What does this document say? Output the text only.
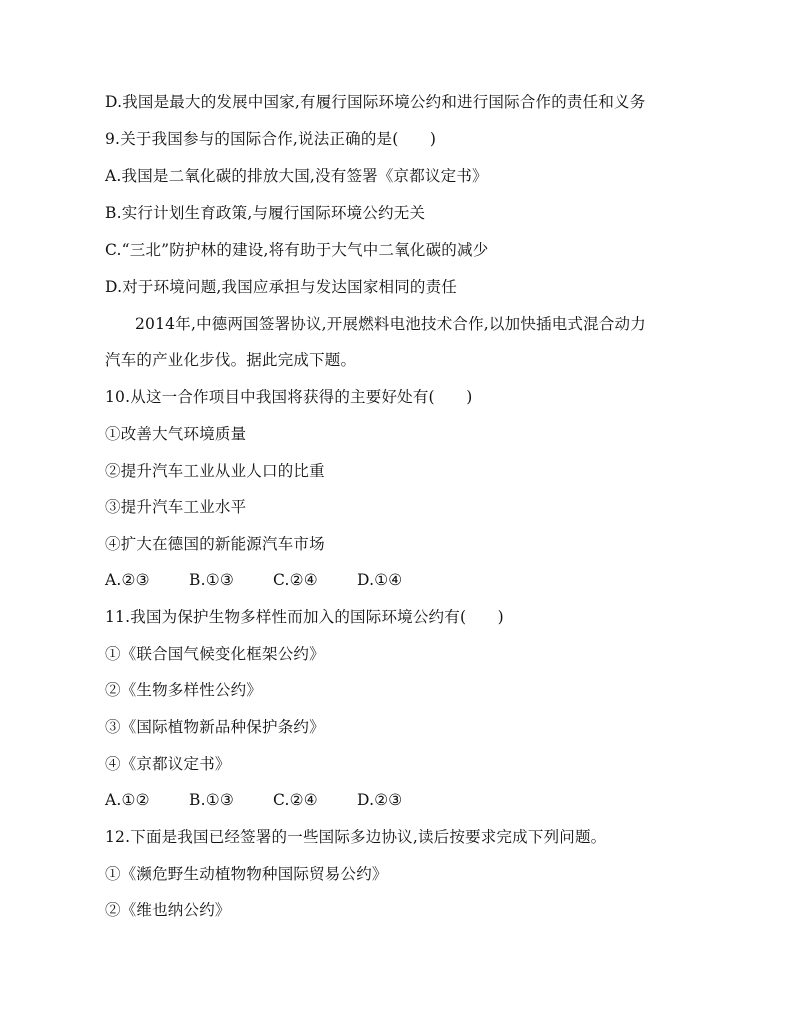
D.我国是最大的发展中国家,有履行国际环境公约和进行国际合作的责任和义务
9.关于我国参与的国际合作,说法正确的是(　　)
A.我国是二氧化碳的排放大国,没有签署《京都议定书》
B.实行计划生育政策,与履行国际环境公约无关
C.“三北”防护林的建设,将有助于大气中二氧化碳的减少
D.对于环境问题,我国应承担与发达国家相同的责任
2014年,中德两国签署协议,开展燃料电池技术合作,以加快插电式混合动力
汽车的产业化步伐。据此完成下题。
10.从这一合作项目中我国将获得的主要好处有(　　)
①改善大气环境质量
②提升汽车工业从业人口的比重
③提升汽车工业水平
④扩大在德国的新能源汽车市场
A.②③	B.①③	C.②④	D.①④
11.我国为保护生物多样性而加入的国际环境公约有(　　)
①《联合国气候变化框架公约》
②《生物多样性公约》
③《国际植物新品种保护条约》
④《京都议定书》
A.①②	B.①③	C.②④	D.②③
12.下面是我国已经签署的一些国际多边协议,读后按要求完成下列问题。
①《濒危野生动植物物种国际贸易公约》
②《维也纳公约》
